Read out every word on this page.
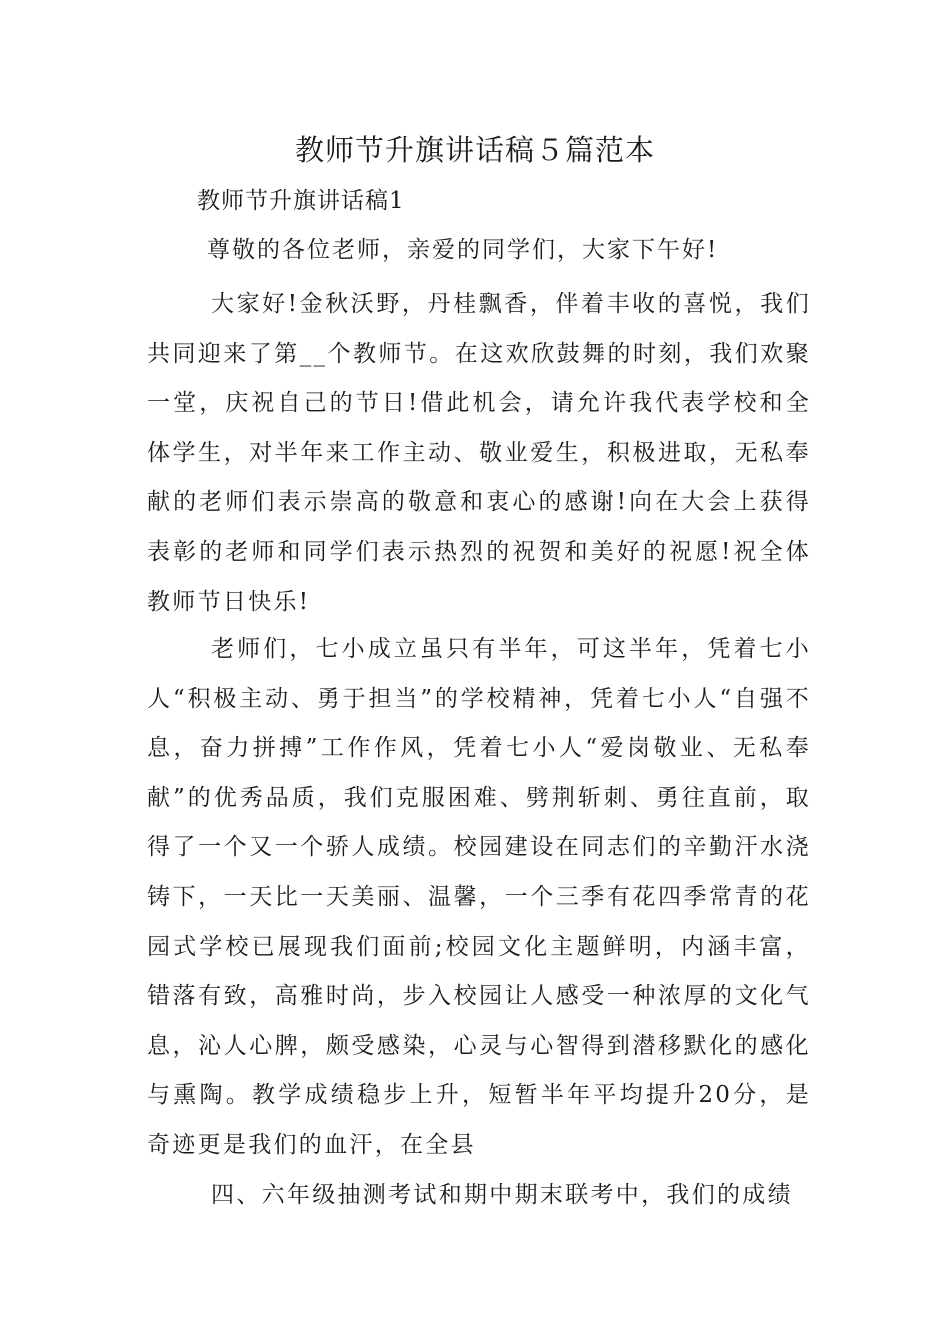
教师节升旗讲话稿５篇范本

教师节升旗讲话稿1

尊敬的各位老师，亲爱的同学们，大家下午好!

大家好!金秋沃野，丹桂飘香，伴着丰收的喜悦，我们共同迎来了第__个教师节。在这欢欣鼓舞的时刻，我们欢聚一堂，庆祝自己的节日!借此机会，请允许我代表学校和全体学生，对半年来工作主动、敬业爱生，积极进取，无私奉献的老师们表示崇高的敬意和衷心的感谢!向在大会上获得表彰的老师和同学们表示热烈的祝贺和美好的祝愿!祝全体教师节日快乐!

老师们，七小成立虽只有半年，可这半年，凭着七小人“积极主动、勇于担当”的学校精神，凭着七小人“自强不息，奋力拼搏”工作作风，凭着七小人“爱岗敬业、无私奉献”的优秀品质，我们克服困难、劈荆斩刺、勇往直前，取得了一个又一个骄人成绩。校园建设在同志们的辛勤汗水浇铸下，一天比一天美丽、温馨，一个三季有花四季常青的花园式学校已展现我们面前;校园文化主题鲜明，内涵丰富，错落有致，高雅时尚，步入校园让人感受一种浓厚的文化气息，沁人心脾，颇受感染，心灵与心智得到潜移默化的感化与熏陶。教学成绩稳步上升，短暂半年平均提升20分，是奇迹更是我们的血汗，在全县

四、六年级抽测考试和期中期末联考中，我们的成绩
